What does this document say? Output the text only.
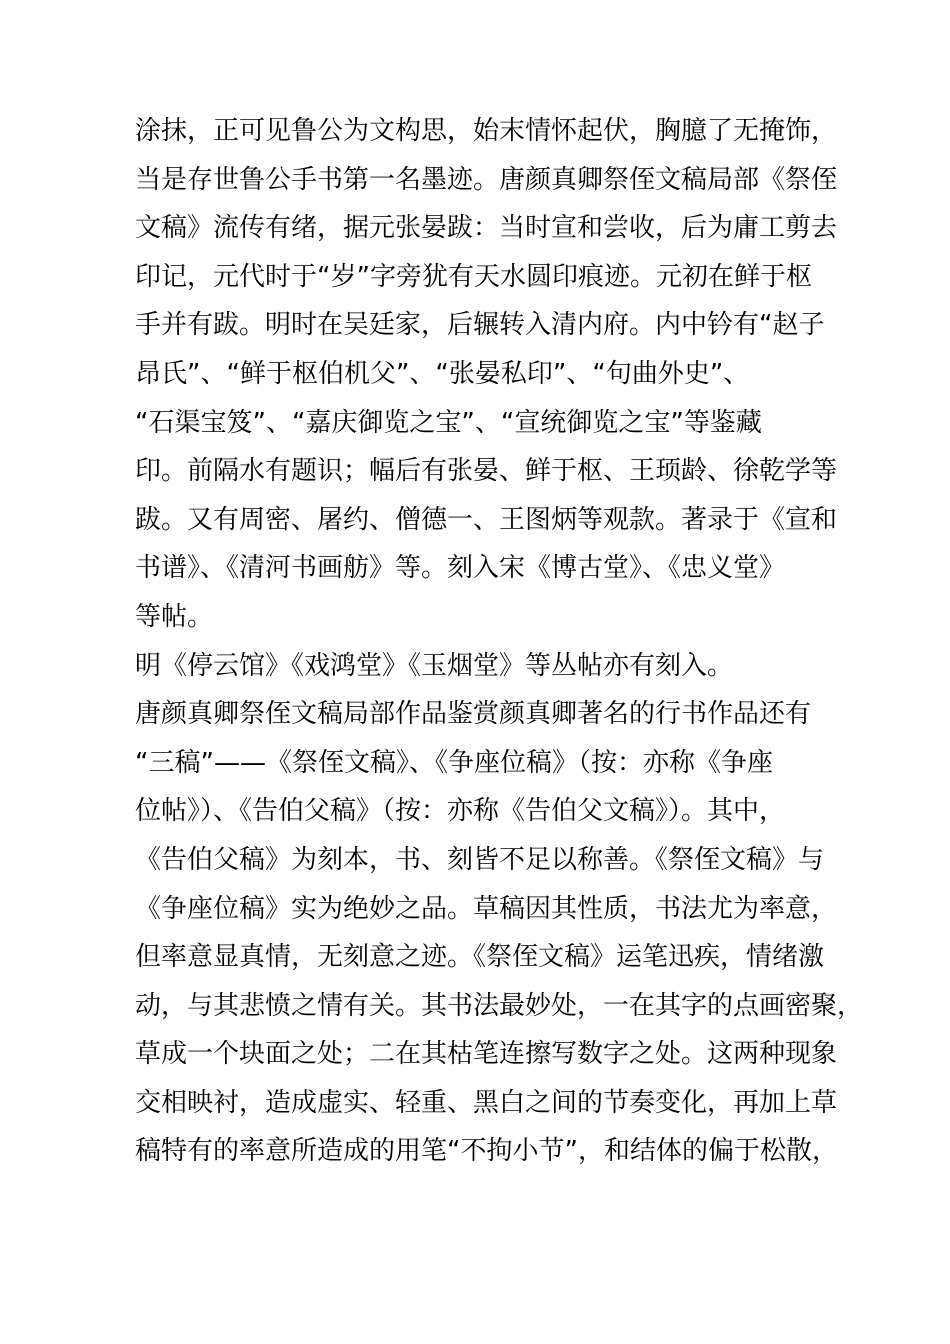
涂抹，正可见鲁公为文构思，始末情怀起伏，胸臆了无掩饰，
当是存世鲁公手书第一名墨迹。唐颜真卿祭侄文稿局部《祭侄
文稿》流传有绪，据元张晏跋：当时宣和尝收，后为庸工剪去
印记，元代时于“岁”字旁犹有天水圆印痕迹。元初在鲜于枢
手并有跋。明时在吴廷家，后辗转入清内府。内中钤有“赵子
昂氏”、“鲜于枢伯机父”、“张晏私印”、“句曲外史”、
“石渠宝笈”、“嘉庆御览之宝”、“宣统御览之宝”等鉴藏
印。前隔水有题识；幅后有张晏、鲜于枢、王顼龄、徐乾学等
跋。又有周密、屠约、僧德一、王图炳等观款。著录于《宣和
书谱》、《清河书画舫》等。刻入宋《博古堂》、《忠义堂》
等帖。
明《停云馆》《戏鸿堂》《玉烟堂》等丛帖亦有刻入。
唐颜真卿祭侄文稿局部作品鉴赏颜真卿著名的行书作品还有
“三稿”——《祭侄文稿》、《争座位稿》（按：亦称《争座
位帖》）、《告伯父稿》（按：亦称《告伯父文稿》）。其中，
《告伯父稿》为刻本，书、刻皆不足以称善。《祭侄文稿》与
《争座位稿》实为绝妙之品。草稿因其性质，书法尤为率意，
但率意显真情，无刻意之迹。《祭侄文稿》运笔迅疾，情绪激
动，与其悲愤之情有关。其书法最妙处，一在其字的点画密聚，
草成一个块面之处；二在其枯笔连擦写数字之处。这两种现象
交相映衬，造成虚实、轻重、黑白之间的节奏变化，再加上草
稿特有的率意所造成的用笔“不拘小节”，和结体的偏于松散，
